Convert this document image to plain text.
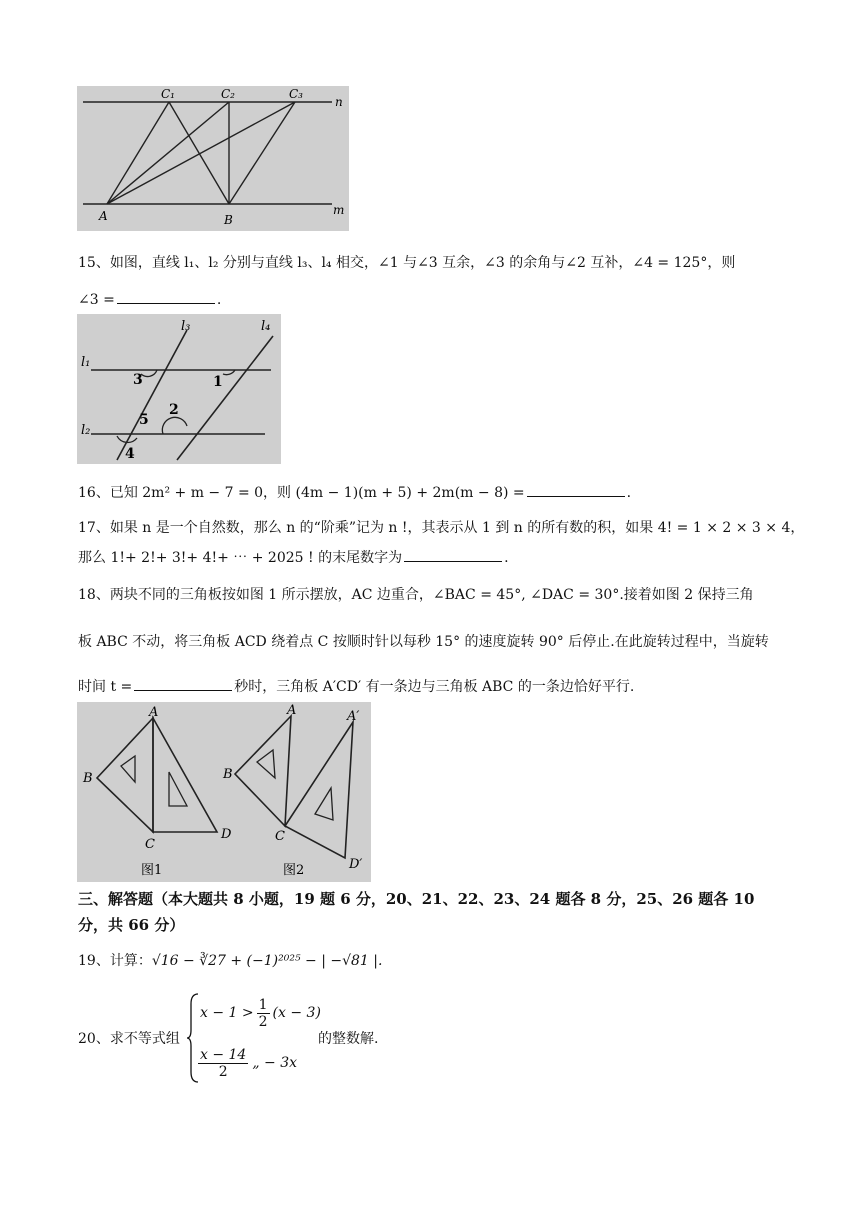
C₁	C₂	C₃
n
A	B
m
15、如图，直线 l₁、l₂ 分别与直线 l₃、l₄ 相交，∠1 与∠3 互余，∠3 的余角与∠2 互补，∠4 = 125°，则
∠3 =	.
l₁
l₂
l₃	l₄
3	1
2
5
4
16、已知 2m² + m − 7 = 0，则 (4m − 1)(m + 5) + 2m(m − 8) =	.
17、如果 n 是一个自然数，那么 n 的“阶乘”记为 n !，其表示从 1 到 n 的所有数的积，如果 4! = 1 × 2 × 3 × 4，
那么 1!+ 2!+ 3!+ 4!+ ⋯ + 2025 ! 的末尾数字为	.
18、两块不同的三角板按如图 1 所示摆放，AC 边重合，∠BAC = 45°, ∠DAC = 30°.接着如图 2 保持三角
板 ABC 不动，将三角板 ACD 绕着点 C 按顺时针以每秒 15° 的速度旋转 90° 后停止.在此旋转过程中，当旋转
时间 t =	秒时，三角板 A′CD′ 有一条边与三角板 ABC 的一条边恰好平行.
A
B
C
D
A
B
C
A′
D′
图1	图2
三、解答题（本大题共 8 小题，19 题 6 分，20、21、22、23、24 题各 8 分，25、26 题各 10 分，共 66 分）
19、计算：√16 − ∛27 + (−1)²⁰²⁵ − | −√81 |.
20、求不等式组
$x - 1 > \frac{1}{2} (x - 3)$
$\frac{x - 14}{2}$ „ − 3x
的整数解.
